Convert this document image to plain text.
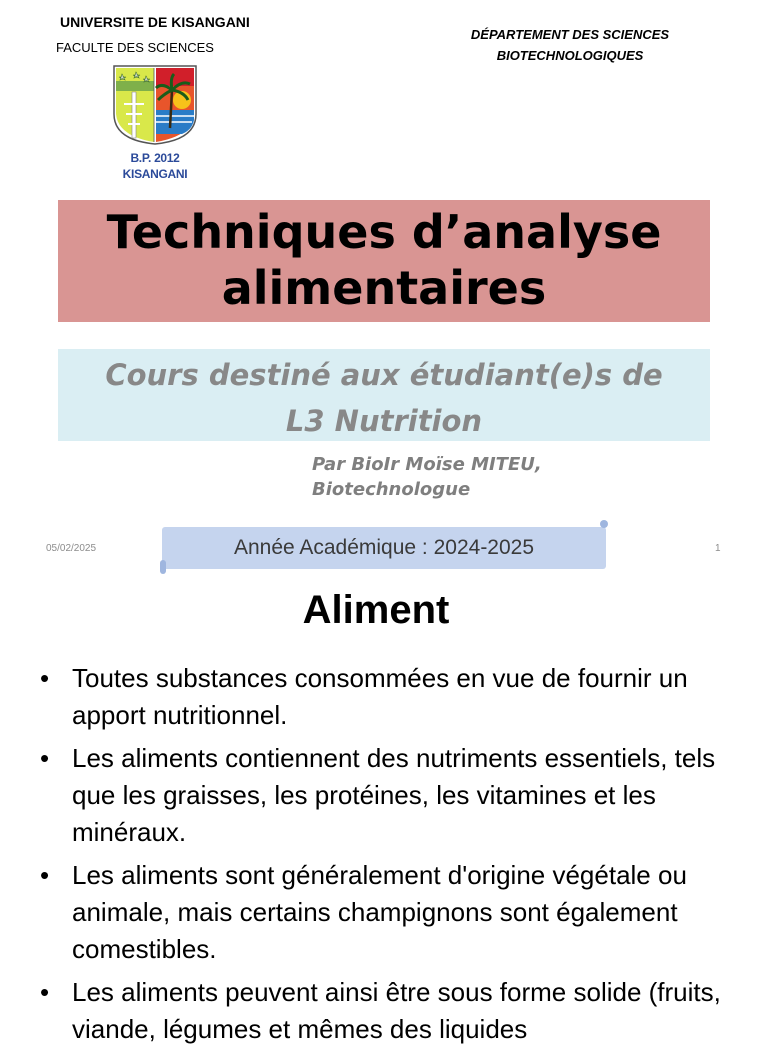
UNIVERSITE DE KISANGANI
FACULTE DES SCIENCES
DÉPARTEMENT DES SCIENCES
BIOTECHNOLOGIQUES
B.P. 2012
KISANGANI
Techniques d’analyse
alimentaires
Cours destiné aux étudiant(e)s de
L3 Nutrition
Par BioIr Moïse MITEU,
Biotechnologue
05/02/2025	Année Académique : 2024-2025	1
Aliment
• Toutes substances consommées en vue de fournir un apport nutritionnel.
• Les aliments contiennent des nutriments essentiels, tels que les graisses, les protéines, les vitamines et les minéraux.
• Les aliments sont généralement d'origine végétale ou animale, mais certains champignons sont également comestibles.
• Les aliments peuvent ainsi être sous forme solide (fruits, viande, légumes et mêmes des liquides
